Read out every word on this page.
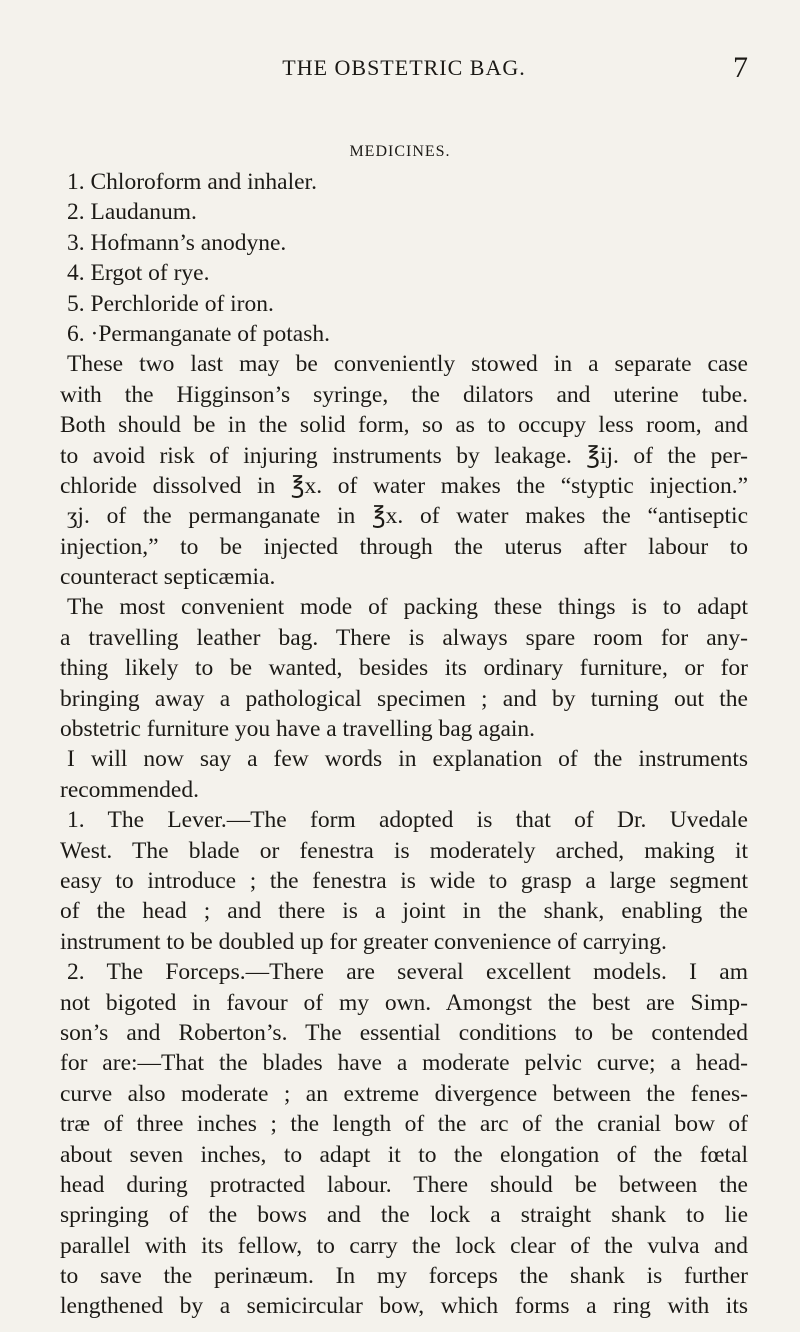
THE OBSTETRIC BAG.	7
MEDICINES.
1. Chloroform and inhaler.
2. Laudanum.
3. Hofmann’s anodyne.
4. Ergot of rye.
5. Perchloride of iron.
6. ·Permanganate of potash.
These two last may be conveniently stowed in a separate case
with the Higginson’s syringe, the dilators and uterine tube.
Both should be in the solid form, so as to occupy less room, and
to avoid risk of injuring instruments by leakage. ℥ij. of the per-
chloride dissolved in ℥x. of water makes the “styptic injection.”
ʒj. of the permanganate in ℥x. of water makes the “antiseptic
injection,” to be injected through the uterus after labour to
counteract septicæmia.
The most convenient mode of packing these things is to adapt
a travelling leather bag. There is always spare room for any-
thing likely to be wanted, besides its ordinary furniture, or for
bringing away a pathological specimen ; and by turning out the
obstetric furniture you have a travelling bag again.
I will now say a few words in explanation of the instruments
recommended.
1. The Lever.—The form adopted is that of Dr. Uvedale
West. The blade or fenestra is moderately arched, making it
easy to introduce ; the fenestra is wide to grasp a large segment
of the head ; and there is a joint in the shank, enabling the
instrument to be doubled up for greater convenience of carrying.
2. The Forceps.—There are several excellent models. I am
not bigoted in favour of my own. Amongst the best are Simp-
son’s and Roberton’s. The essential conditions to be contended
for are:—That the blades have a moderate pelvic curve; a head-
curve also moderate ; an extreme divergence between the fenes-
træ of three inches ; the length of the arc of the cranial bow of
about seven inches, to adapt it to the elongation of the fœtal
head during protracted labour. There should be between the
springing of the bows and the lock a straight shank to lie
parallel with its fellow, to carry the lock clear of the vulva and
to save the perinæum. In my forceps the shank is further
lengthened by a semicircular bow, which forms a ring with its
